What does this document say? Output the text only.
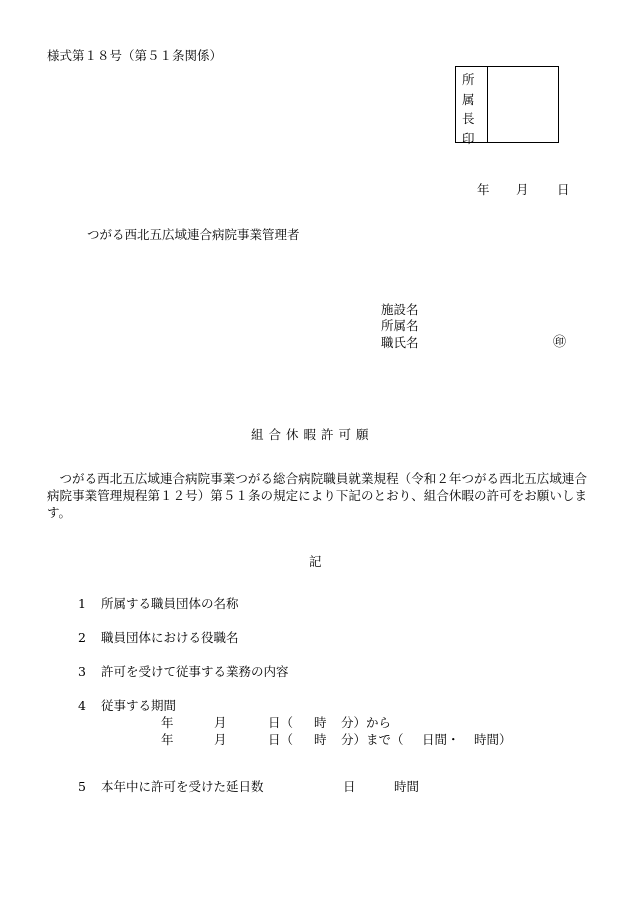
様式第１８号（第５１条関係）
所属長印
年 月 日
つがる西北五広域連合病院事業管理者
施設名
所属名
職氏名	㊞
組合休暇許可願
つがる西北五広域連合病院事業つがる総合病院職員就業規程（令和２年つがる西北五広域連合病院事業管理規程第１２号）第５１条の規定により下記のとおり、組合休暇の許可をお願いします。
記
1 所属する職員団体の名称
2 職員団体における役職名
3 許可を受けて従事する業務の内容
4 従事する期間
年	月	日（ 時 分）から
年	月	日（ 時 分）まで（ 日間・ 時間）
5 本年中に許可を受けた延日数	日	時間
